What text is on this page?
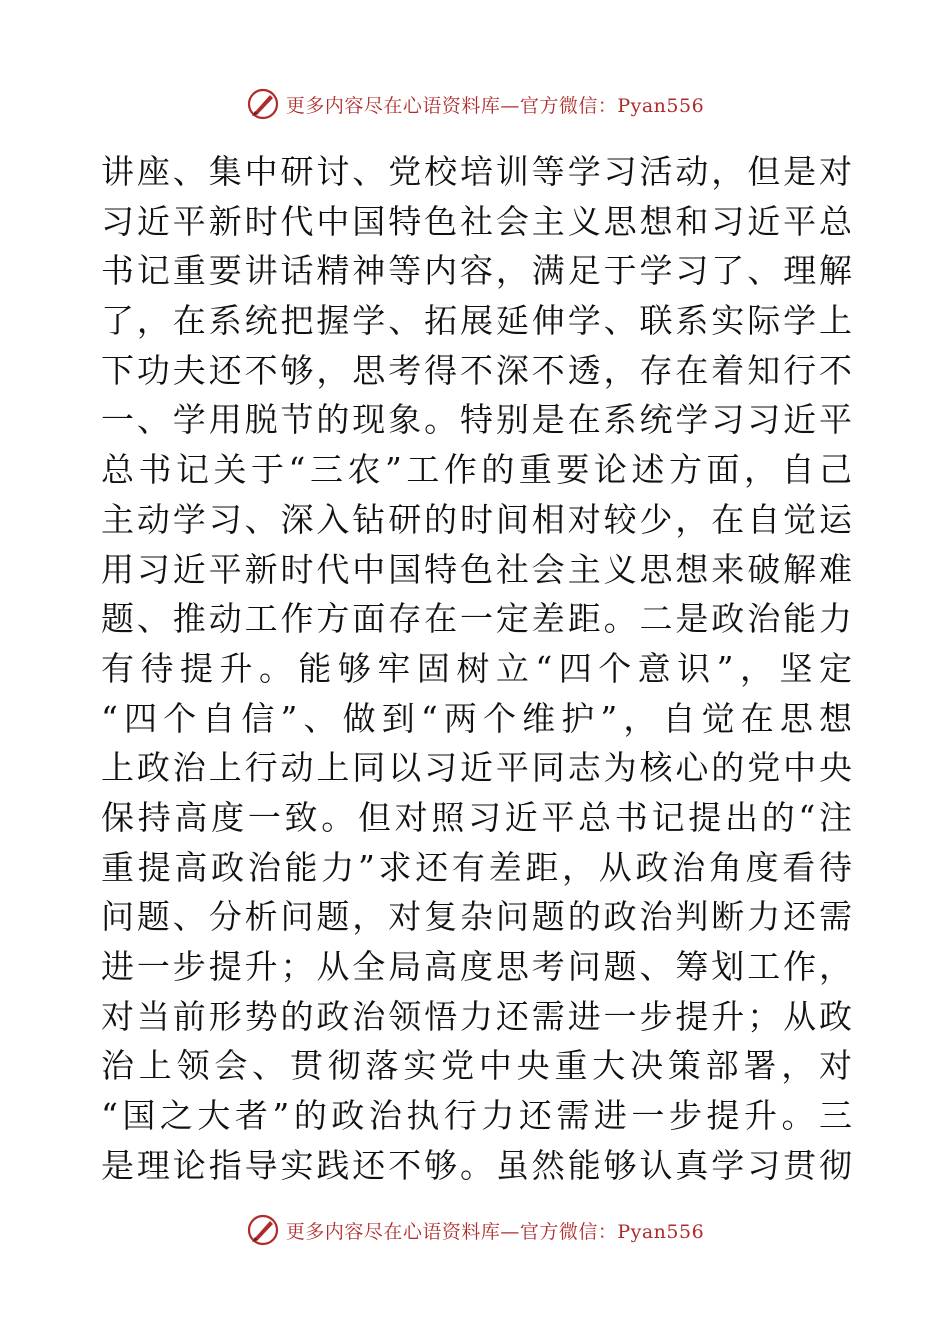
更多内容尽在心语资料库—官方微信：Pyan556
讲座、集中研讨、党校培训等学习活动，但是对
习近平新时代中国特色社会主义思想和习近平总
书记重要讲话精神等内容，满足于学习了、理解
了，在系统把握学、拓展延伸学、联系实际学上
下功夫还不够，思考得不深不透，存在着知行不
一、学用脱节的现象。特别是在系统学习习近平
总书记关于“三农”工作的重要论述方面，自己
主动学习、深入钻研的时间相对较少，在自觉运
用习近平新时代中国特色社会主义思想来破解难
题、推动工作方面存在一定差距。二是政治能力
有待提升。能够牢固树立“四个意识”，坚定
“四个自信”、做到“两个维护”，自觉在思想
上政治上行动上同以习近平同志为核心的党中央
保持高度一致。但对照习近平总书记提出的“注
重提高政治能力”求还有差距，从政治角度看待
问题、分析问题，对复杂问题的政治判断力还需
进一步提升；从全局高度思考问题、筹划工作，
对当前形势的政治领悟力还需进一步提升；从政
治上领会、贯彻落实党中央重大决策部署，对
“国之大者”的政治执行力还需进一步提升。三
是理论指导实践还不够。虽然能够认真学习贯彻
更多内容尽在心语资料库—官方微信：Pyan556
